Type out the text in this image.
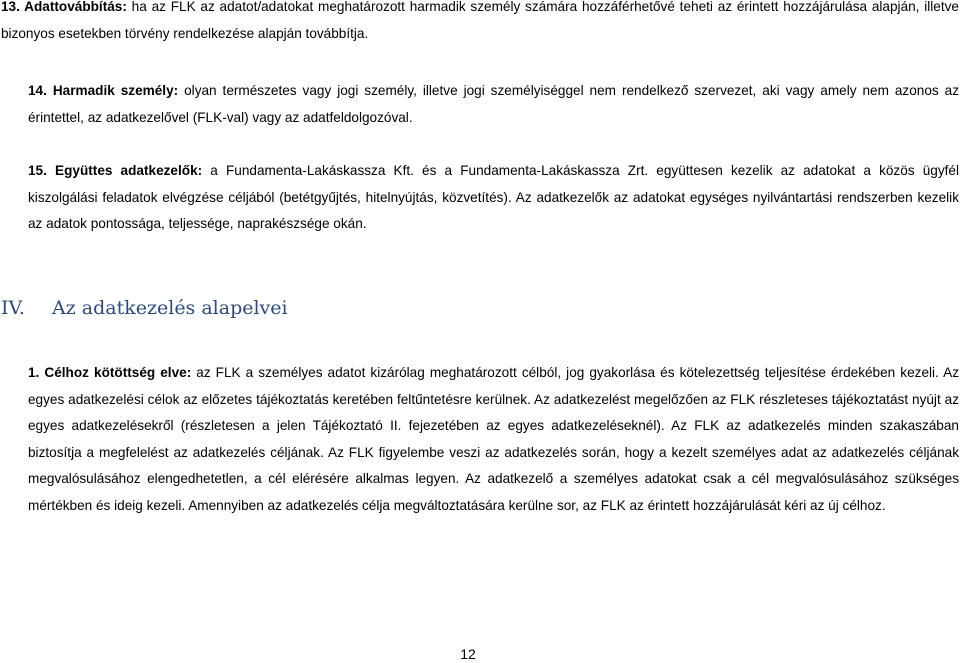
13. Adattovábbítás: ha az FLK az adatot/adatokat meghatározott harmadik személy számára hozzáférhetővé teheti az érintett hozzájárulása alapján, illetve bizonyos esetekben törvény rendelkezése alapján továbbítja.
14. Harmadik személy: olyan természetes vagy jogi személy, illetve jogi személyiséggel nem rendelkező szervezet, aki vagy amely nem azonos az érintettel, az adatkezelővel (FLK-val) vagy az adatfeldolgozóval.
15. Együttes adatkezelők: a Fundamenta-Lakáskassza Kft. és a Fundamenta-Lakáskassza Zrt. együttesen kezelik az adatokat a közös ügyfél kiszolgálási feladatok elvégzése céljából (betétgyűjtés, hitelnyújtás, közvetítés). Az adatkezelők az adatokat egységes nyilvántartási rendszerben kezelik az adatok pontossága, teljessége, naprakészsége okán.
IV. Az adatkezelés alapelvei
1. Célhoz kötöttség elve: az FLK a személyes adatot kizárólag meghatározott célból, jog gyakorlása és kötelezettség teljesítése érdekében kezeli. Az egyes adatkezelési célok az előzetes tájékoztatás keretében feltűntetésre kerülnek. Az adatkezelést megelőzően az FLK részleteses tájékoztatást nyújt az egyes adatkezelésekről (részletesen a jelen Tájékoztató II. fejezetében az egyes adatkezeléseknél). Az FLK az adatkezelés minden szakaszában biztosítja a megfelelést az adatkezelés céljának. Az FLK figyelembe veszi az adatkezelés során, hogy a kezelt személyes adat az adatkezelés céljának megvalósulásához elengedhetetlen, a cél elérésére alkalmas legyen. Az adatkezelő a személyes adatokat csak a cél megvalósulásához szükséges mértékben és ideig kezeli. Amennyiben az adatkezelés célja megváltoztatására kerülne sor, az FLK az érintett hozzájárulását kéri az új célhoz.
12
